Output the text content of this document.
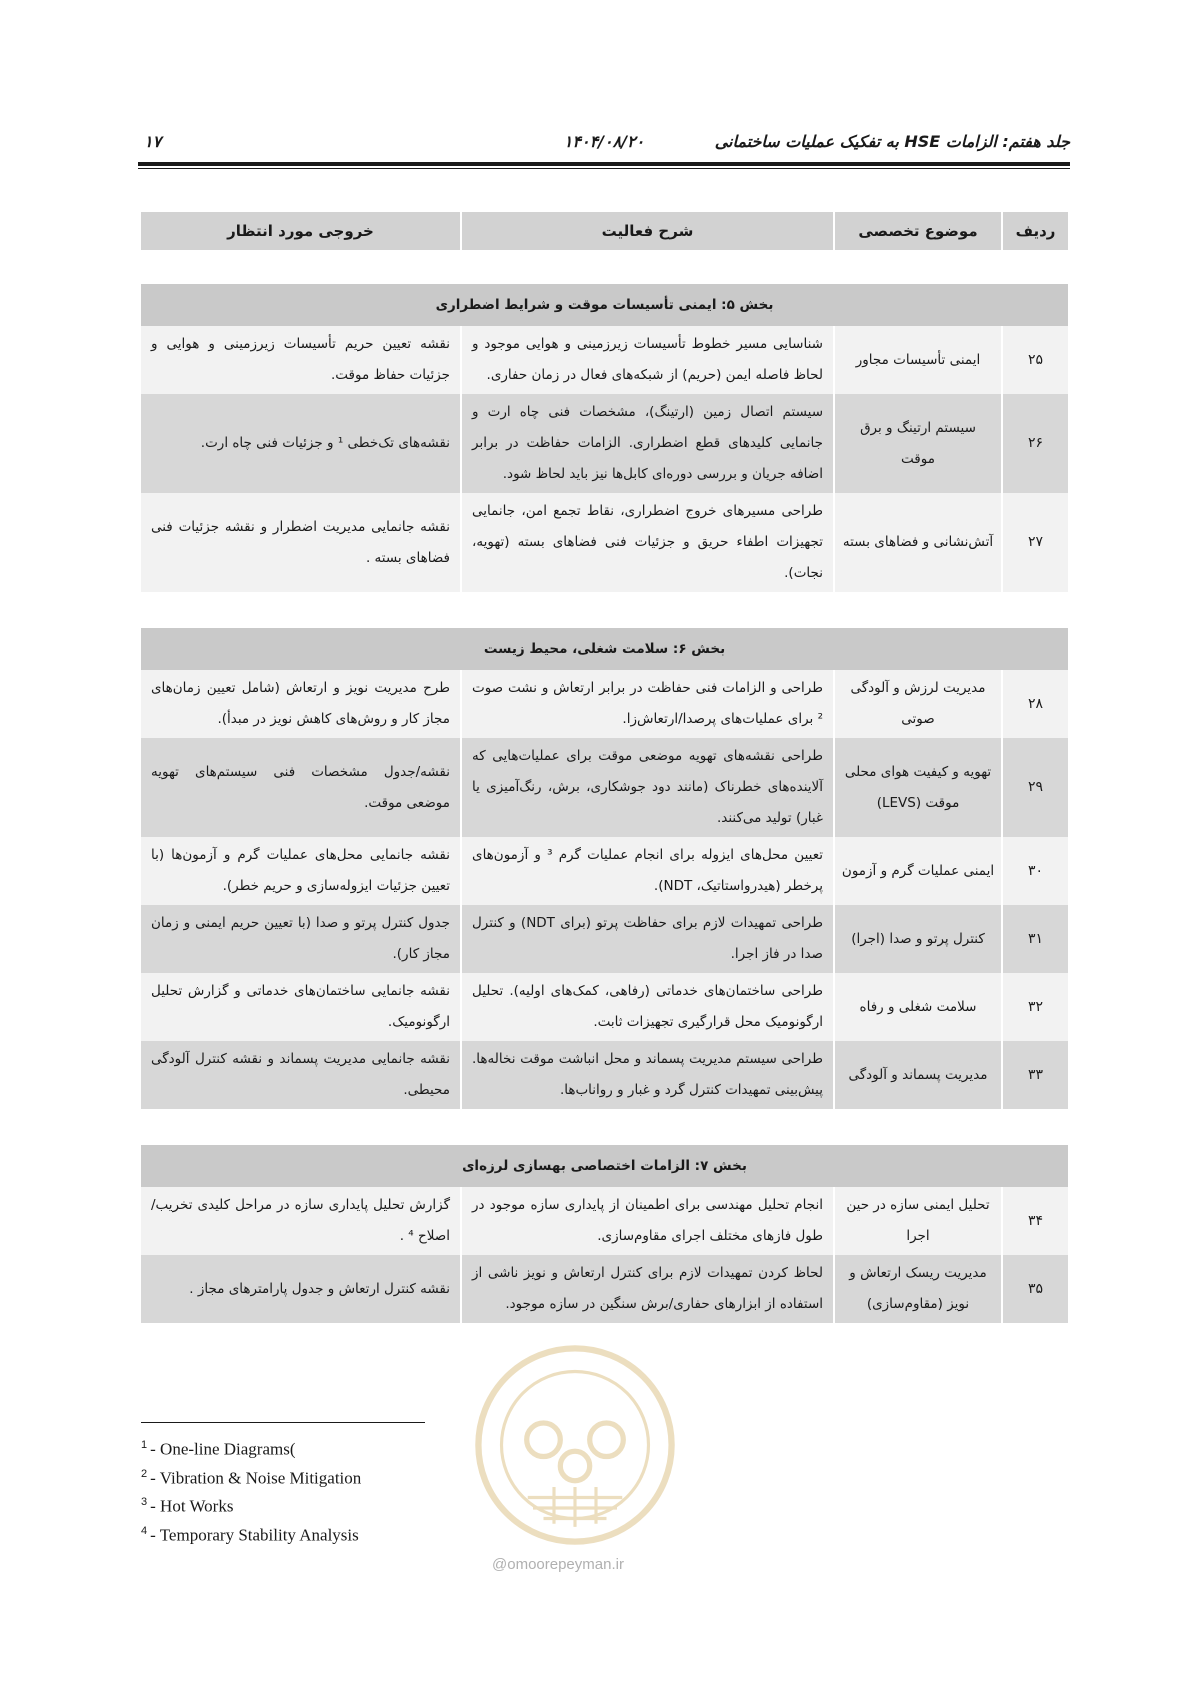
جلد هفتم: الزامات HSE به تفکیک عملیات ساختمانی
۱۴۰۴/۰۸/۲۰
۱۷
ردیف	موضوع تخصصی	شرح فعالیت	خروجی مورد انتظار
بخش ۵: ایمنی تأسیسات موقت و شرایط اضطراری			
۲۵	ایمنی تأسیسات مجاور	شناسایی مسیر خطوط تأسیسات زیرزمینی و هوایی موجود و لحاظ فاصله ایمن (حریم) از شبکه‌های فعال در زمان حفاری.	نقشه تعیین حریم تأسیسات زیرزمینی و هوایی و جزئیات حفاظ موقت.
۲۶	سیستم ارتینگ و برق موقت	سیستم اتصال زمین (ارتینگ)، مشخصات فنی چاه ارت و جانمایی کلیدهای قطع اضطراری. الزامات حفاظت در برابر اضافه جریان و بررسی دوره‌ای کابل‌ها نیز باید لحاظ شود.	نقشه‌های تک‌خطی ¹ و جزئیات فنی چاه ارت.
۲۷	آتش‌نشانی و فضاهای بسته	طراحی مسیرهای خروج اضطراری، نقاط تجمع امن، جانمایی تجهیزات اطفاء حریق و جزئیات فنی فضاهای بسته (تهویه، نجات).	نقشه جانمایی مدیریت اضطرار و نقشه جزئیات فنی فضاهای بسته .
بخش ۶: سلامت شغلی، محیط زیست			
۲۸	مدیریت لرزش و آلودگی صوتی	طراحی و الزامات فنی حفاظت در برابر ارتعاش و نشت صوت ² برای عملیات‌های پرصدا/ارتعاش‌زا.	طرح مدیریت نویز و ارتعاش (شامل تعیین زمان‌های مجاز کار و روش‌های کاهش نویز در مبدأ).
۲۹	تهویه و کیفیت هوای محلی موقت (LEVS)	طراحی نقشه‌های تهویه موضعی موقت برای عملیات‌هایی که آلاینده‌های خطرناک (مانند دود جوشکاری، برش، رنگ‌آمیزی یا غبار) تولید می‌کنند.	نقشه/جدول مشخصات فنی سیستم‌های تهویه موضعی موقت.
۳۰	ایمنی عملیات گرم و آزمون	تعیین محل‌های ایزوله برای انجام عملیات گرم ³ و آزمون‌های پرخطر (هیدرواستاتیک، NDT).	نقشه جانمایی محل‌های عملیات گرم و آزمون‌ها (با تعیین جزئیات ایزوله‌سازی و حریم خطر).
۳۱	کنترل پرتو و صدا (اجرا)	طراحی تمهیدات لازم برای حفاظت پرتو (برای NDT) و کنترل صدا در فاز اجرا.	جدول کنترل پرتو و صدا (با تعیین حریم ایمنی و زمان مجاز کار).
۳۲	سلامت شغلی و رفاه	طراحی ساختمان‌های خدماتی (رفاهی، کمک‌های اولیه). تحلیل ارگونومیک محل قرارگیری تجهیزات ثابت.	نقشه جانمایی ساختمان‌های خدماتی و گزارش تحلیل ارگونومیک.
۳۳	مدیریت پسماند و آلودگی	طراحی سیستم مدیریت پسماند و محل انباشت موقت نخاله‌ها. پیش‌بینی تمهیدات کنترل گرد و غبار و رواناب‌ها.	نقشه جانمایی مدیریت پسماند و نقشه کنترل آلودگی محیطی.
بخش ۷: الزامات اختصاصی بهسازی لرزه‌ای			
۳۴	تحلیل ایمنی سازه در حین اجرا	انجام تحلیل مهندسی برای اطمینان از پایداری سازه موجود در طول فازهای مختلف اجرای مقاوم‌سازی.	گزارش تحلیل پایداری سازه در مراحل کلیدی تخریب/اصلاح ⁴ .
۳۵	مدیریت ریسک ارتعاش و نویز (مقاوم‌سازی)	لحاظ کردن تمهیدات لازم برای کنترل ارتعاش و نویز ناشی از استفاده از ابزارهای حفاری/برش سنگین در سازه موجود.	نقشه کنترل ارتعاش و جدول پارامترهای مجاز .
$^1$ - One-line Diagrams(
$^2$ - Vibration & Noise Mitigation
$^3$ - Hot Works
$^4$ - Temporary Stability Analysis
@omoorepeyman.ir
